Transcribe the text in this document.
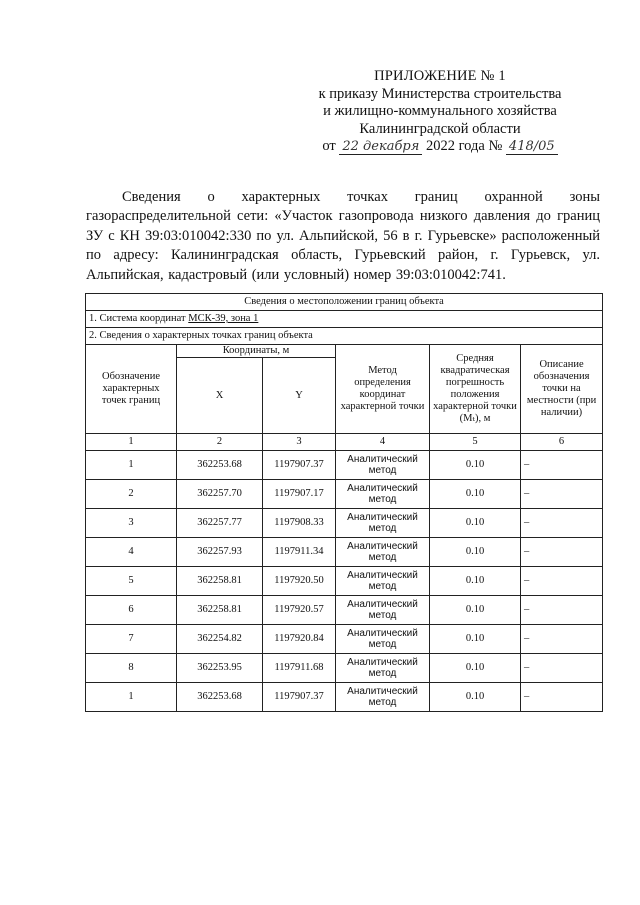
ПРИЛОЖЕНИЕ № 1
к приказу Министерства строительства
и жилищно-коммунального хозяйства
Калининградской области
от 22 декабря 2022 года № 418/05
Сведения о характерных точках границ охранной зоны газораспределительной сети: «Участок газопровода низкого давления до границ ЗУ с КН 39:03:010042:330 по ул. Альпийской, 56 в г. Гурьевске» расположенный по адресу: Калининградская область, Гурьевский район, г. Гурьевск, ул. Альпийская, кадастровый (или условный) номер 39:03:010042:741.
Сведения о местоположении границ объекта					
1. Система координат МСК-39, зона 1					
2. Сведения о характерных точках границ объекта					
Обозначение характерных точек границ	Координаты, м		Метод определения координат характерной точки	Средняя квадратическая погрешность положения характерной точки (Mₜ), м	Описание обозначения точки на местности (при наличии)
	X	Y			
1	2	3	4	5	6
1	362253.68	1197907.37	Аналитический метод	0.10	–
2	362257.70	1197907.17	Аналитический метод	0.10	–
3	362257.77	1197908.33	Аналитический метод	0.10	–
4	362257.93	1197911.34	Аналитический метод	0.10	–
5	362258.81	1197920.50	Аналитический метод	0.10	–
6	362258.81	1197920.57	Аналитический метод	0.10	–
7	362254.82	1197920.84	Аналитический метод	0.10	–
8	362253.95	1197911.68	Аналитический метод	0.10	–
1	362253.68	1197907.37	Аналитический метод	0.10	–
